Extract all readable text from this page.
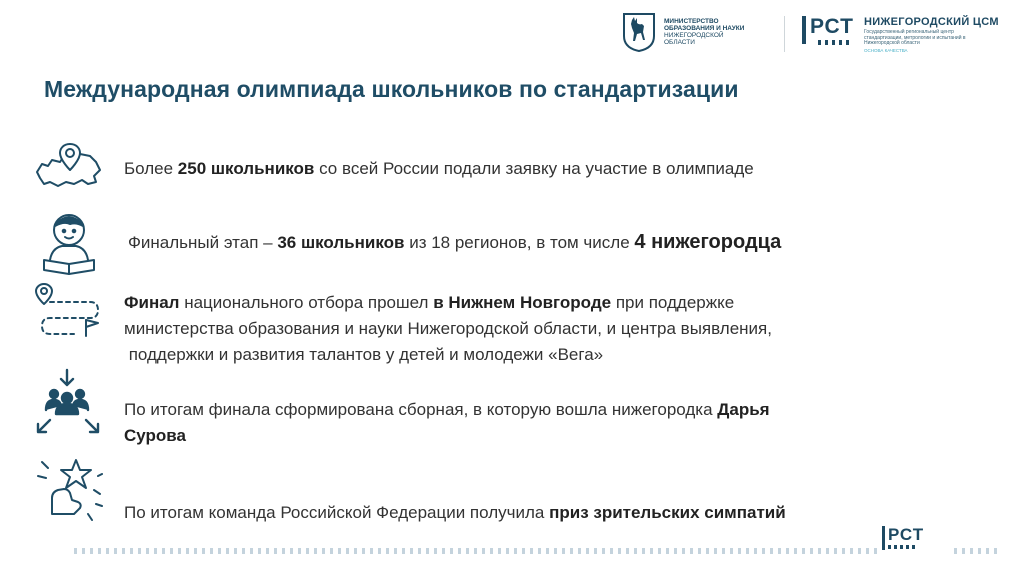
МИНИСТЕРСТВО
ОБРАЗОВАНИЯ И НАУКИ
НИЖЕГОРОДСКОЙ
ОБЛАСТИ
РСТ НИЖЕГОРОДСКИЙ ЦСМ
Государственный региональный центр стандартизации, метрологии и испытаний в Нижегородской области
ОСНОВА КАЧЕСТВА
Международная олимпиада школьников по стандартизации

Более 250 школьников со всей России подали заявку на участие в олимпиаде

Финальный этап – 36 школьников из 18 регионов, в том числе 4 нижегородца

Финал национального отбора прошел в Нижнем Новгороде при поддержке
министерства образования и науки Нижегородской области, и центра выявления,
поддержки и развития талантов у детей и молодежи «Вега»

По итогам финала сформирована сборная, в которую вошла нижегородка Дарья
Сурова

По итогам команда Российской Федерации получила приз зрительских симпатий

РСТ
